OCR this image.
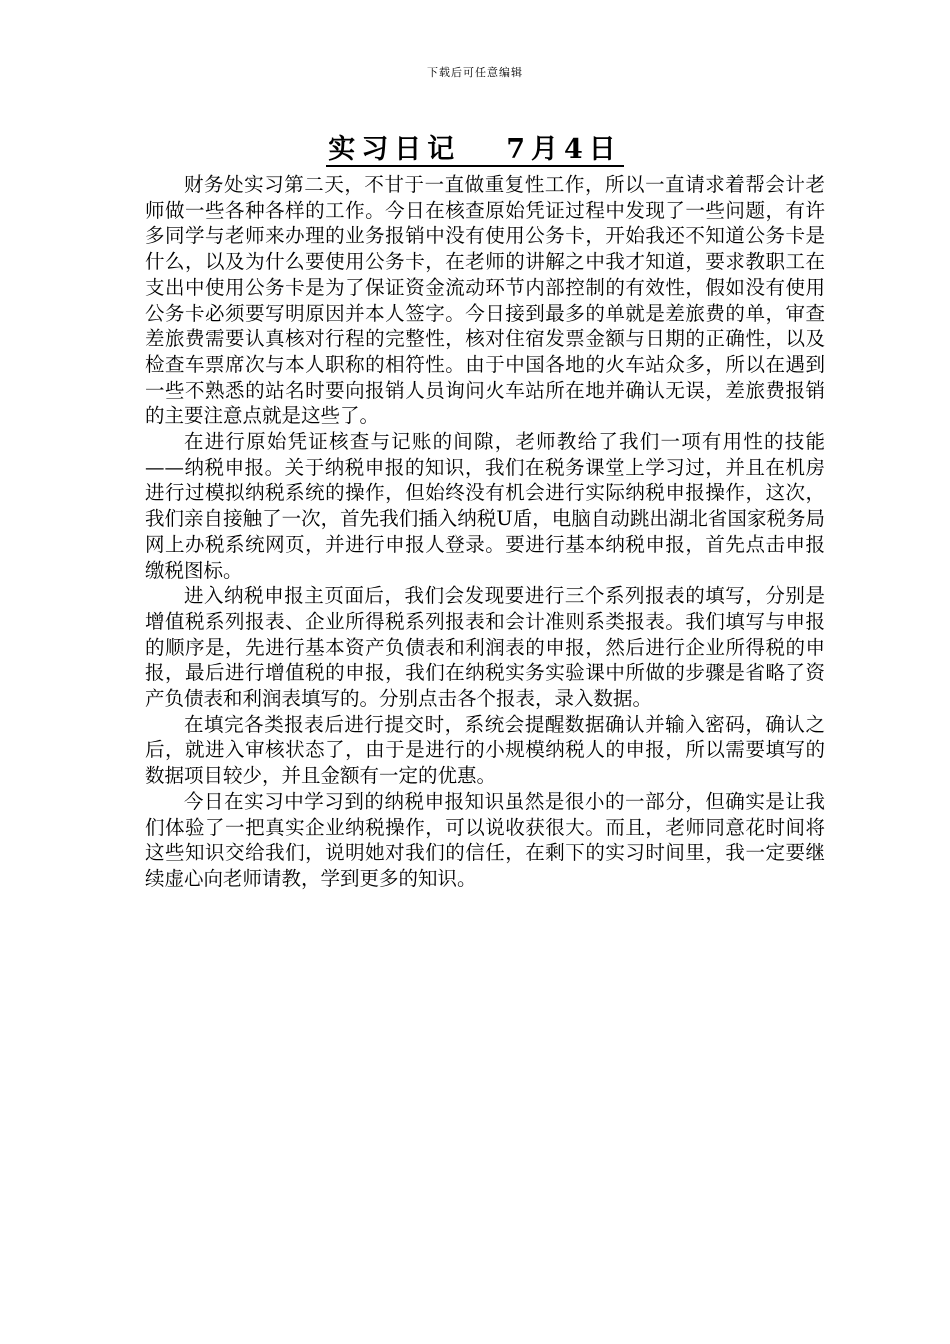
下载后可任意编辑
实习日记 7月4日

财务处实习第二天，不甘于一直做重复性工作，所以一直请求着帮会计老师做一些各种各样的工作。今日在核查原始凭证过程中发现了一些问题，有许多同学与老师来办理的业务报销中没有使用公务卡，开始我还不知道公务卡是什么，以及为什么要使用公务卡，在老师的讲解之中我才知道，要求教职工在支出中使用公务卡是为了保证资金流动环节内部控制的有效性，假如没有使用公务卡必须要写明原因并本人签字。今日接到最多的单就是差旅费的单，审查差旅费需要认真核对行程的完整性，核对住宿发票金额与日期的正确性，以及检查车票席次与本人职称的相符性。由于中国各地的火车站众多，所以在遇到一些不熟悉的站名时要向报销人员询问火车站所在地并确认无误，差旅费报销的主要注意点就是这些了。

在进行原始凭证核查与记账的间隙，老师教给了我们一项有用性的技能——纳税申报。关于纳税申报的知识，我们在税务课堂上学习过，并且在机房进行过模拟纳税系统的操作，但始终没有机会进行实际纳税申报操作，这次，我们亲自接触了一次，首先我们插入纳税U盾，电脑自动跳出湖北省国家税务局网上办税系统网页，并进行申报人登录。要进行基本纳税申报，首先点击申报缴税图标。

进入纳税申报主页面后，我们会发现要进行三个系列报表的填写，分别是增值税系列报表、企业所得税系列报表和会计准则系类报表。我们填写与申报的顺序是，先进行基本资产负债表和利润表的申报，然后进行企业所得税的申报，最后进行增值税的申报，我们在纳税实务实验课中所做的步骤是省略了资产负债表和利润表填写的。分别点击各个报表，录入数据。

在填完各类报表后进行提交时，系统会提醒数据确认并输入密码，确认之后，就进入审核状态了，由于是进行的小规模纳税人的申报，所以需要填写的数据项目较少，并且金额有一定的优惠。

今日在实习中学习到的纳税申报知识虽然是很小的一部分，但确实是让我们体验了一把真实企业纳税操作，可以说收获很大。而且，老师同意花时间将这些知识交给我们，说明她对我们的信任，在剩下的实习时间里，我一定要继续虚心向老师请教，学到更多的知识。
